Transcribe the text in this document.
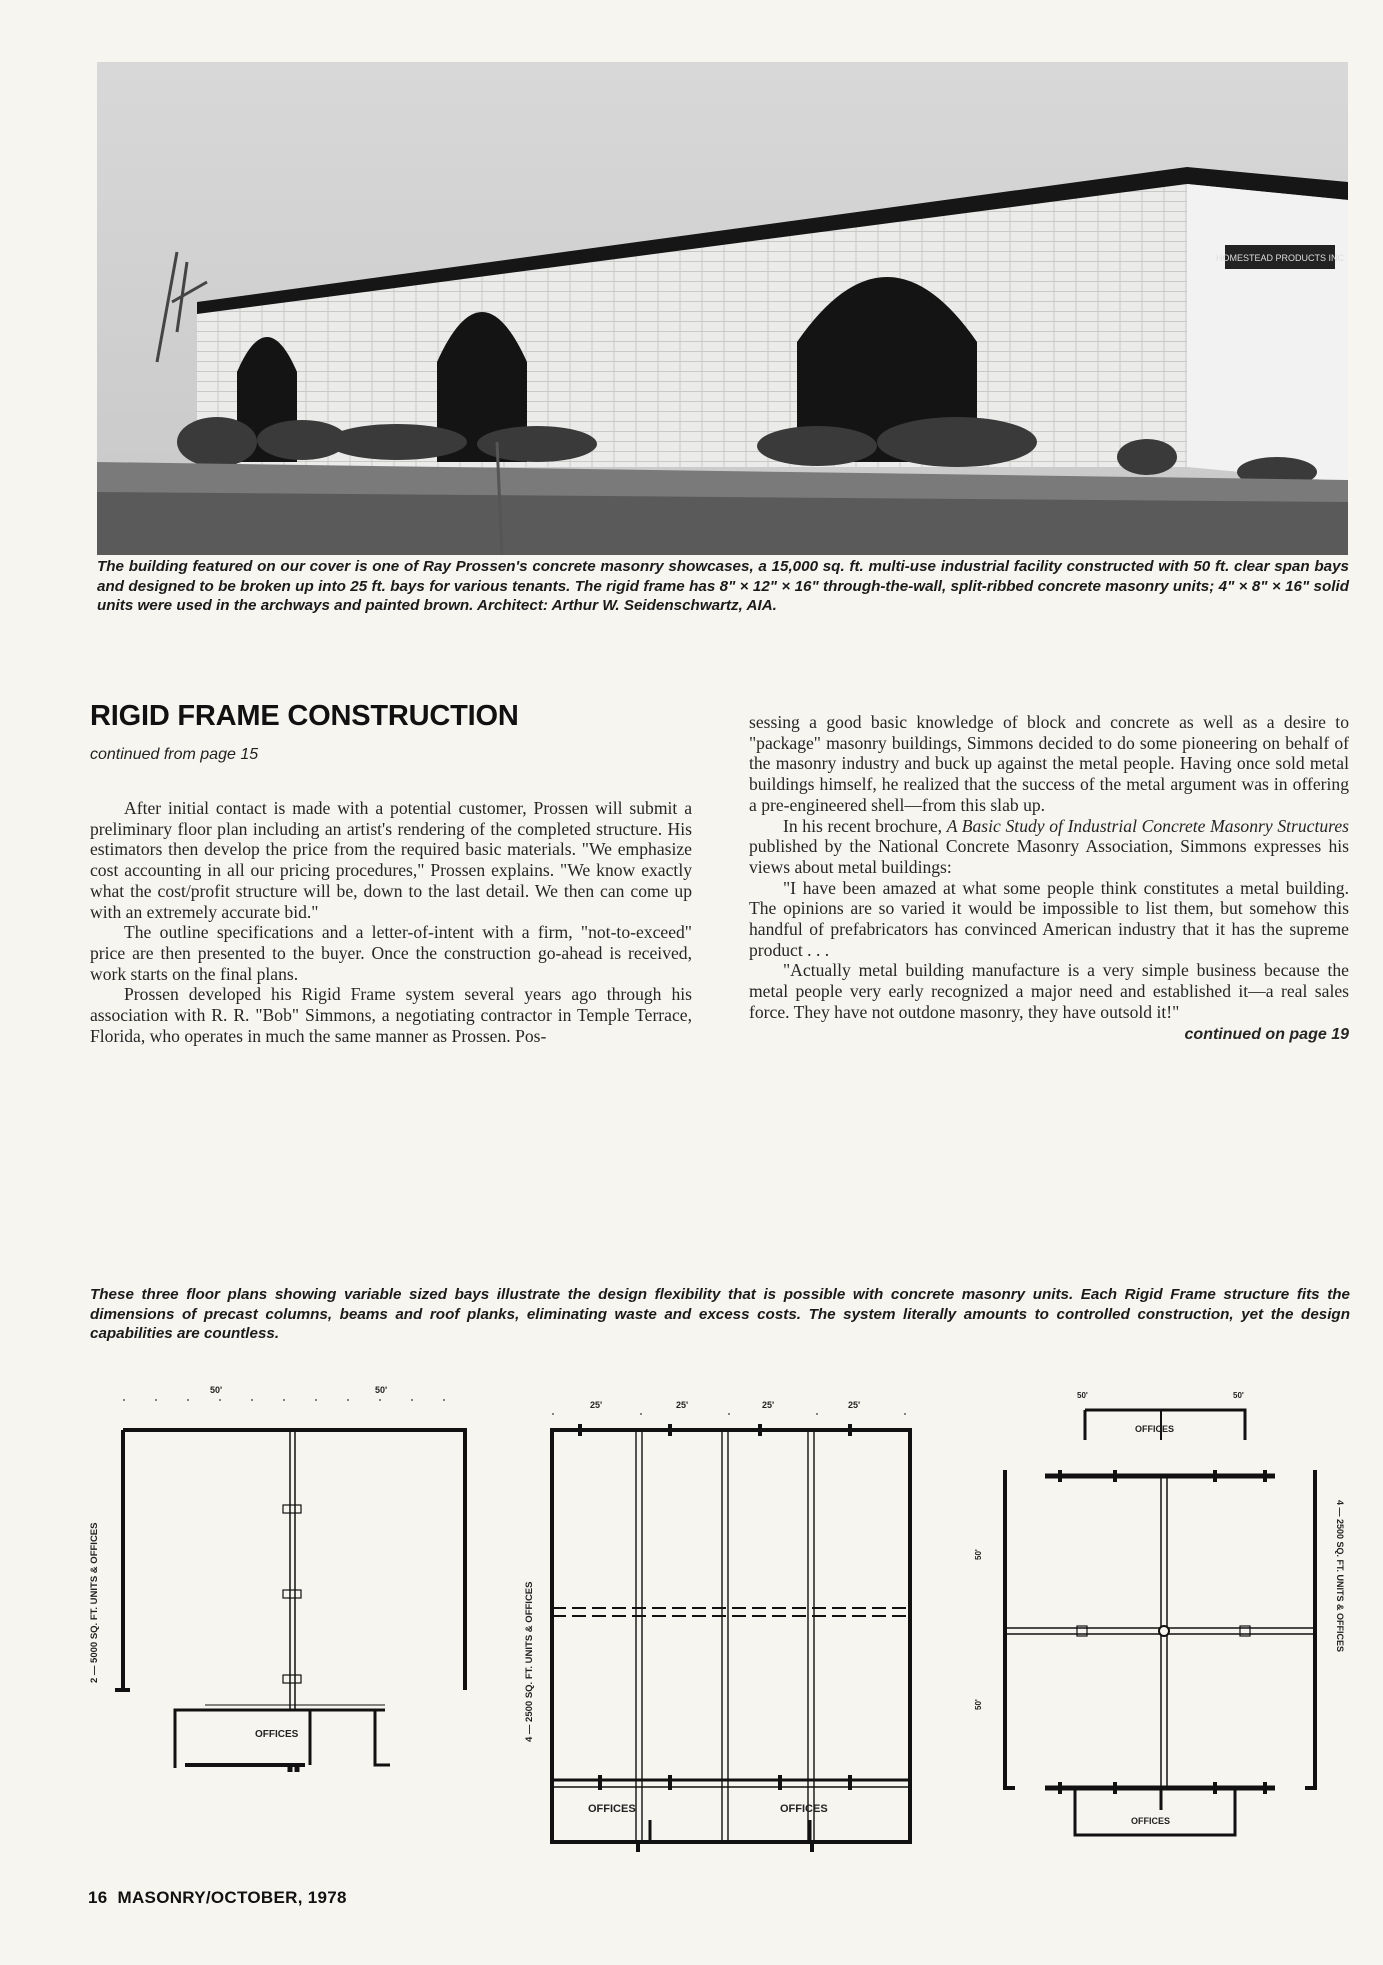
HOMESTEAD PRODUCTS INC
The building featured on our cover is one of Ray Prossen's concrete masonry showcases, a 15,000 sq. ft. multi-use industrial facility constructed with 50 ft. clear span bays and designed to be broken up into 25 ft. bays for various tenants. The rigid frame has 8" × 12" × 16" through-the-wall, split-ribbed concrete masonry units; 4" × 8" × 16" solid units were used in the archways and painted brown. Architect: Arthur W. Seidenschwartz, AIA.
RIGID FRAME CONSTRUCTION
continued from page 15

After initial contact is made with a potential customer, Prossen will submit a preliminary floor plan including an artist's rendering of the completed structure. His estimators then develop the price from the required basic materials. "We emphasize cost accounting in all our pricing procedures," Prossen explains. "We know exactly what the cost/profit structure will be, down to the last detail. We then can come up with an extremely accurate bid."

The outline specifications and a letter-of-intent with a firm, "not-to-exceed" price are then presented to the buyer. Once the construction go-ahead is received, work starts on the final plans.

Prossen developed his Rigid Frame system several years ago through his association with R. R. "Bob" Simmons, a negotiating contractor in Temple Terrace, Florida, who operates in much the same manner as Prossen. Pos-

sessing a good basic knowledge of block and concrete as well as a desire to "package" masonry buildings, Simmons decided to do some pioneering on behalf of the masonry industry and buck up against the metal people. Having once sold metal buildings himself, he realized that the success of the metal argument was in offering a pre-engineered shell—from this slab up.

In his recent brochure, A Basic Study of Industrial Concrete Masonry Structures published by the National Concrete Masonry Association, Simmons expresses his views about metal buildings:

"I have been amazed at what some people think constitutes a metal building. The opinions are so varied it would be impossible to list them, but somehow this handful of prefabricators has convinced American industry that it has the supreme product . . .

"Actually metal building manufacture is a very simple business because the metal people very early recognized a major need and established it—a real sales force. They have not outdone masonry, they have outsold it!"

continued on page 19
These three floor plans showing variable sized bays illustrate the design flexibility that is possible with concrete masonry units. Each Rigid Frame structure fits the dimensions of precast columns, beams and roof planks, eliminating waste and excess costs. The system literally amounts to controlled construction, yet the design capabilities are countless.
50'	50'
OFFICES
2 — 5000 SQ. FT. UNITS & OFFICES
25'	25'	25'	25'
OFFICES	OFFICES
4 — 2500 SQ. FT. UNITS & OFFICES
50'	50'
OFFICES
OFFICES
50'
50'
4 — 2500 SQ. FT. UNITS & OFFICES
16 MASONRY/OCTOBER, 1978
